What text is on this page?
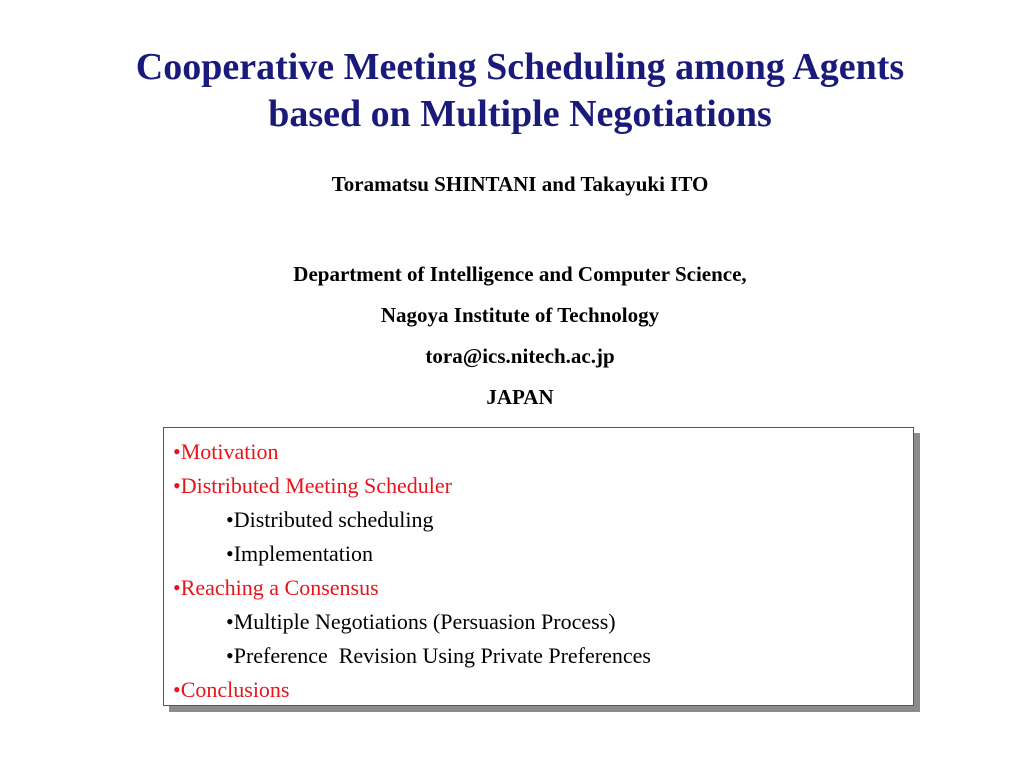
Cooperative Meeting Scheduling among Agents
based on Multiple Negotiations
Toramatsu SHINTANI and Takayuki ITO
Department of Intelligence and Computer Science,
Nagoya Institute of Technology
tora@ics.nitech.ac.jp
JAPAN
•Motivation
•Distributed Meeting Scheduler
•Distributed scheduling
•Implementation
•Reaching a Consensus
•Multiple Negotiations (Persuasion Process)
•Preference  Revision Using Private Preferences
•Conclusions
